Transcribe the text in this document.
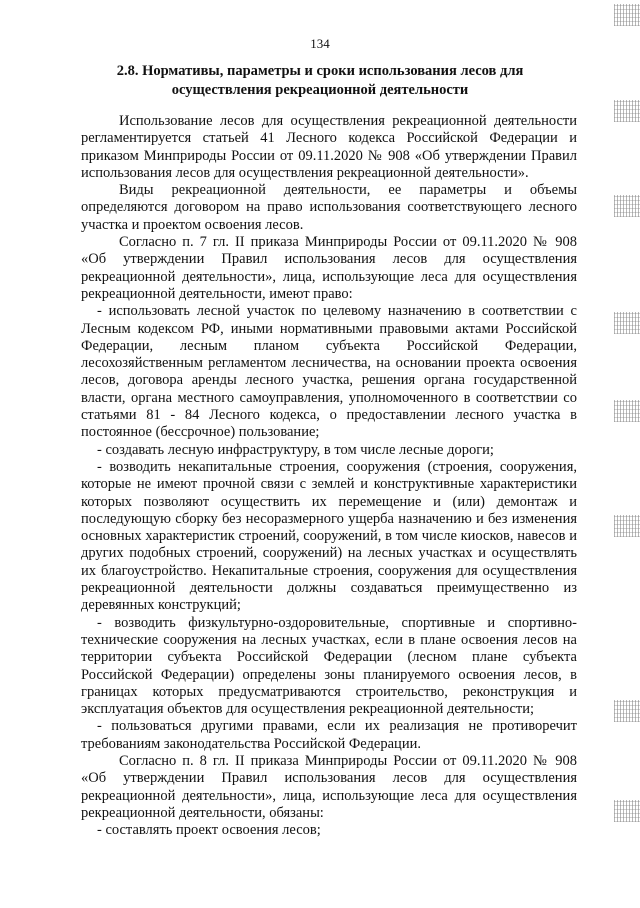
134
2.8. Нормативы, параметры и сроки использования лесов для
осуществления рекреационной деятельности

Использование лесов для осуществления рекреационной деятельности регламентируется статьей 41 Лесного кодекса Российской Федерации и приказом Минприроды России от 09.11.2020 № 908 «Об утверждении Правил использования лесов для осуществления рекреационной деятельности».

Виды рекреационной деятельности, ее параметры и объемы определяются договором на право использования соответствующего лесного участка и проектом освоения лесов.

Согласно п. 7 гл. II приказа Минприроды России от 09.11.2020 № 908 «Об утверждении Правил использования лесов для осуществления рекреационной деятельности», лица, использующие леса для осуществления рекреационной деятельности, имеют право:

- использовать лесной участок по целевому назначению в соответствии с Лесным кодексом РФ, иными нормативными правовыми актами Российской Федерации, лесным планом субъекта Российской Федерации, лесохозяйственным регламентом лесничества, на основании проекта освоения лесов, договора аренды лесного участка, решения органа государственной власти, органа местного самоуправления, уполномоченного в соответствии со статьями 81 - 84 Лесного кодекса, о предоставлении лесного участка в постоянное (бессрочное) пользование;

- создавать лесную инфраструктуру, в том числе лесные дороги;

- возводить некапитальные строения, сооружения (строения, сооружения, которые не имеют прочной связи с землей и конструктивные характеристики которых позволяют осуществить их перемещение и (или) демонтаж и последующую сборку без несоразмерного ущерба назначению и без изменения основных характеристик строений, сооружений, в том числе киосков, навесов и других подобных строений, сооружений) на лесных участках и осуществлять их благоустройство. Некапитальные строения, сооружения для осуществления рекреационной деятельности должны создаваться преимущественно из деревянных конструкций;

- возводить физкультурно-оздоровительные, спортивные и спортивно-технические сооружения на лесных участках, если в плане освоения лесов на территории субъекта Российской Федерации (лесном плане субъекта Российской Федерации) определены зоны планируемого освоения лесов, в границах которых предусматриваются строительство, реконструкция и эксплуатация объектов для осуществления рекреационной деятельности;

- пользоваться другими правами, если их реализация не противоречит требованиям законодательства Российской Федерации.

Согласно п. 8 гл. II приказа Минприроды России от 09.11.2020 № 908 «Об утверждении Правил использования лесов для осуществления рекреационной деятельности», лица, использующие леса для осуществления рекреационной деятельности, обязаны:

- составлять проект освоения лесов;
